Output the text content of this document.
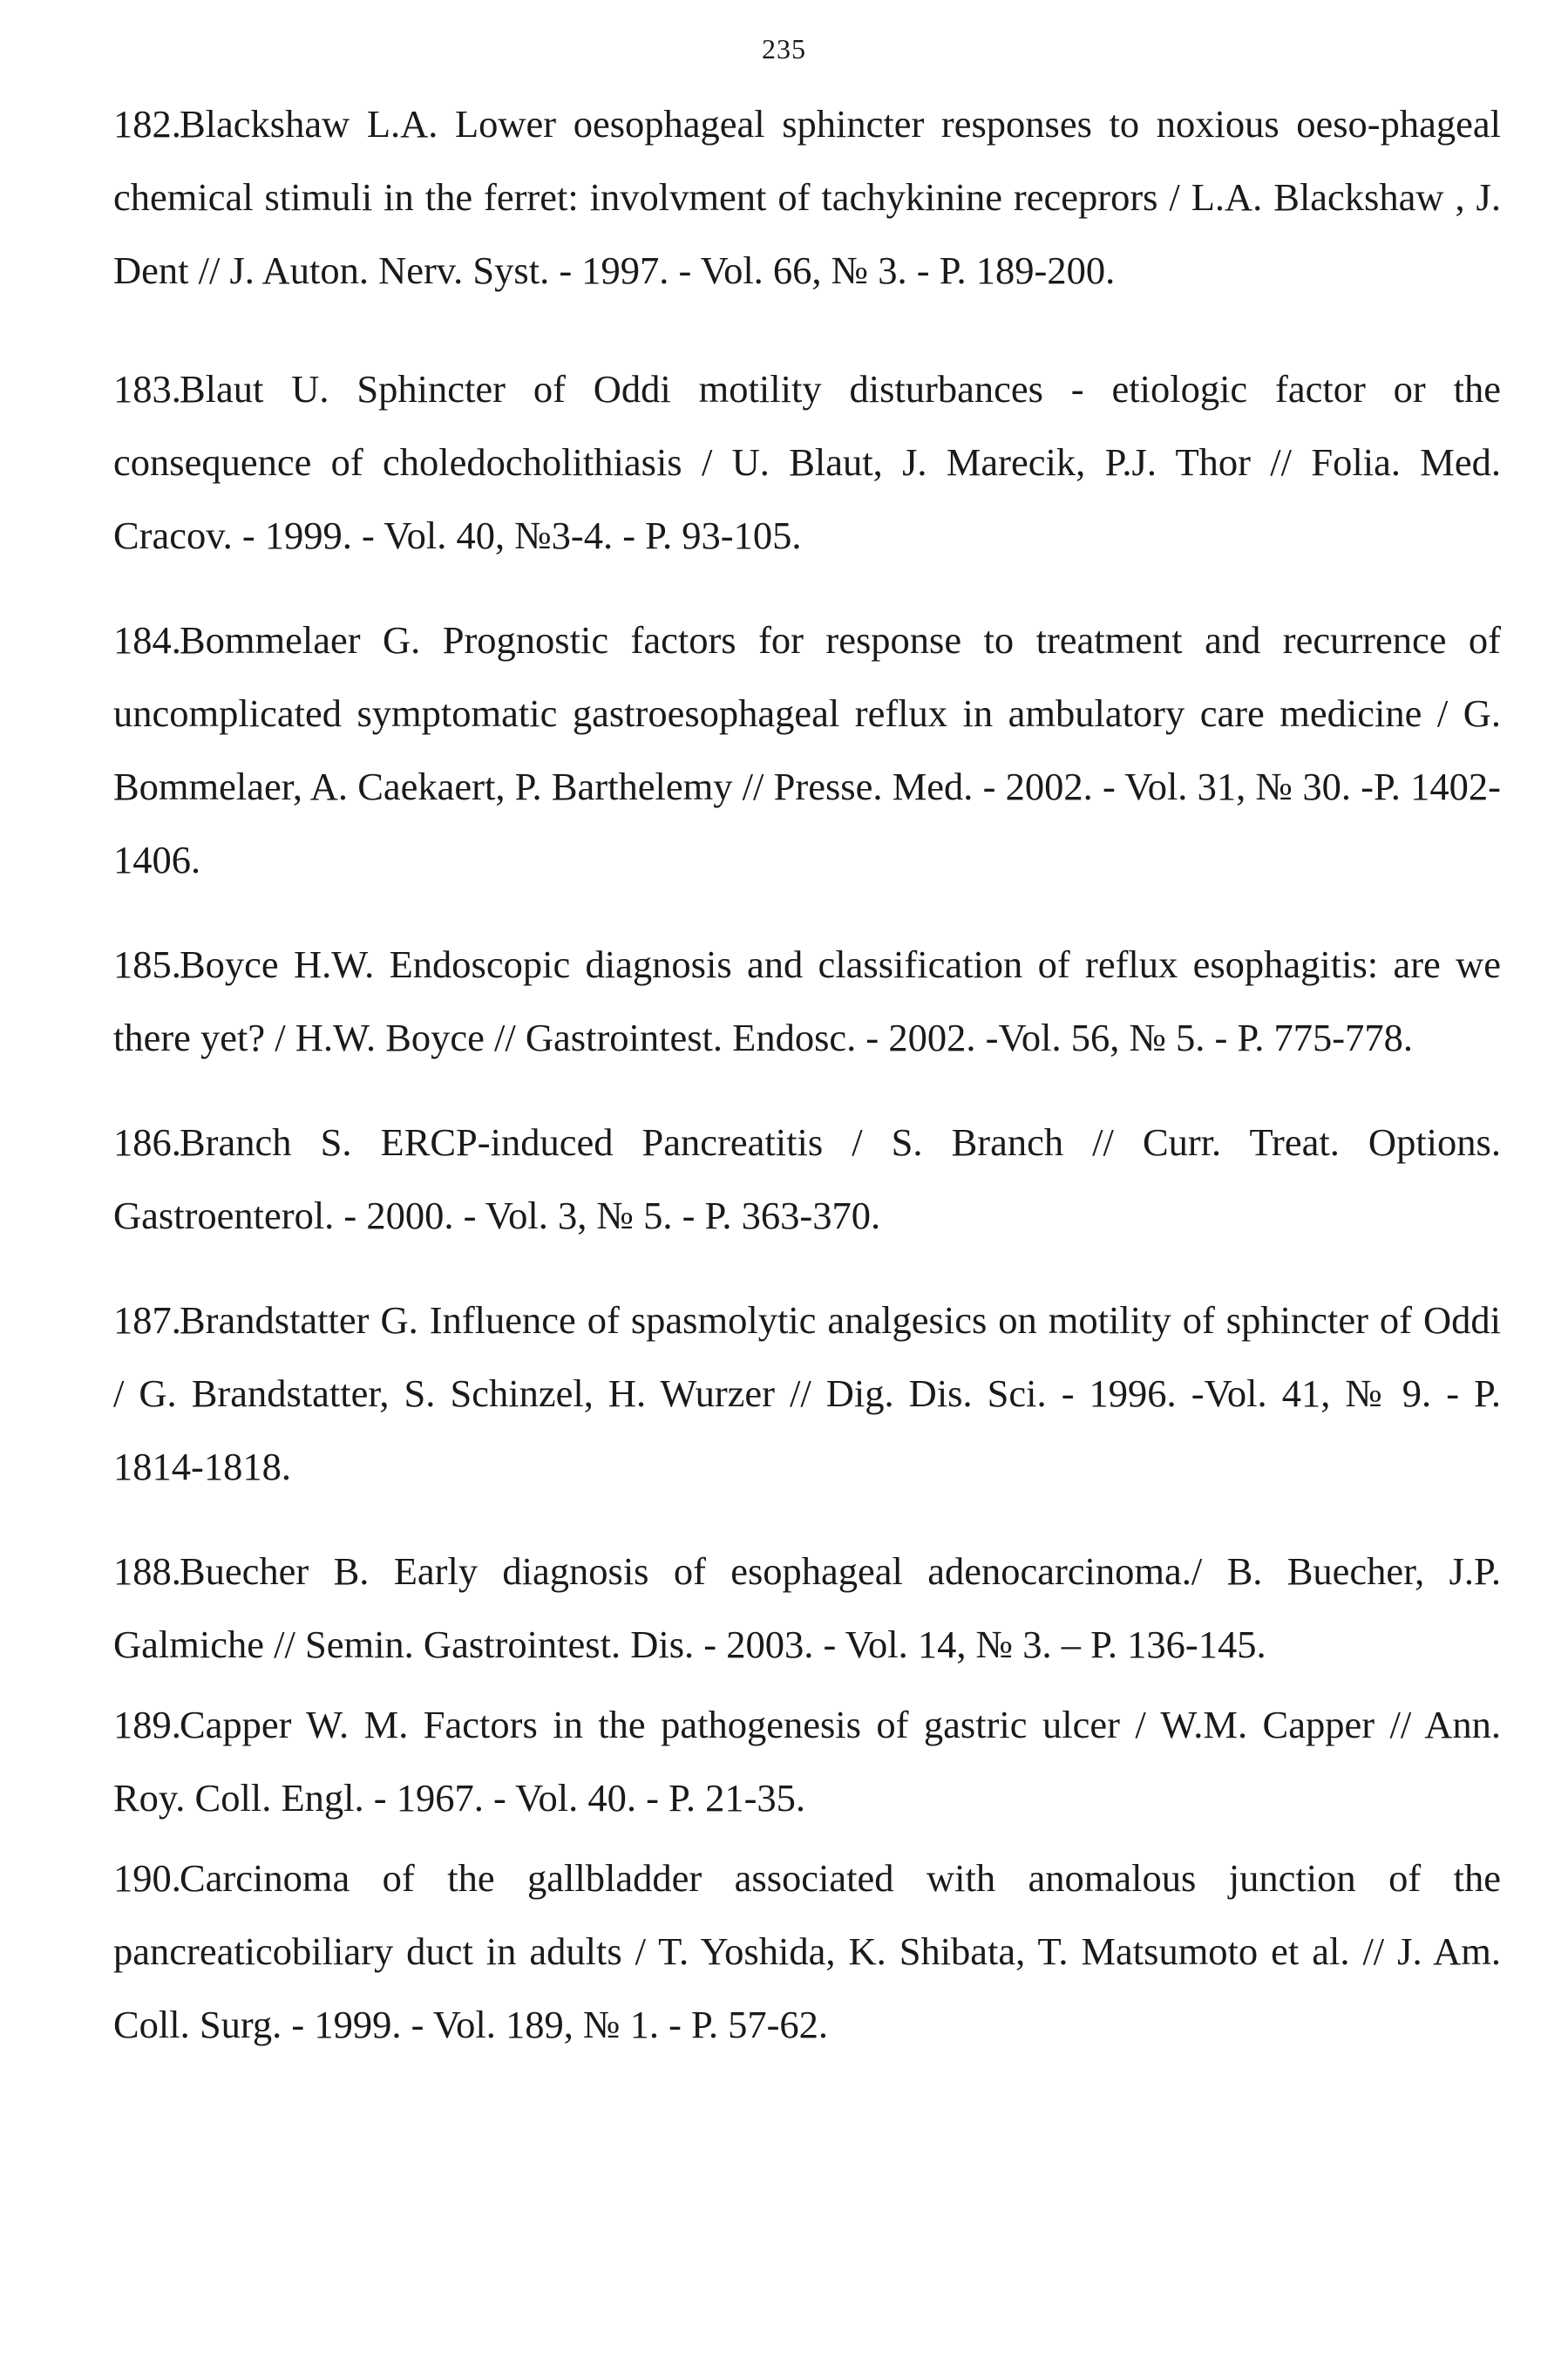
235
182.Blackshaw L.A. Lower oesophageal sphincter responses to noxious oeso-phageal chemical stimuli in the ferret: involvment of tachykinine receprors / L.A. Blackshaw , J. Dent // J. Auton. Nerv. Syst. - 1997. - Vol. 66, № 3. - P. 189-200.
183.Blaut U. Sphincter of Oddi motility disturbances - etiologic factor or the consequence of choledocholithiasis / U. Blaut, J. Marecik, P.J. Thor // Folia. Med. Cracov. - 1999. - Vol. 40, №3-4. - P. 93-105.
184.Bommelaer G. Prognostic factors for response to treatment and recurrence of uncomplicated symptomatic gastroesophageal reflux in ambulatory care medicine / G. Bommelaer, A. Caekaert, P. Barthelemy // Presse. Med. - 2002. - Vol. 31, № 30. -P. 1402-1406.
185.Boyce H.W. Endoscopic diagnosis and classification of reflux esophagitis: are we there yet? / H.W. Boyce // Gastrointest. Endosc. - 2002. -Vol. 56, № 5. - P. 775-778.
186.Branch S. ERCP-induced Pancreatitis / S. Branch // Curr. Treat. Options. Gastroenterol. - 2000. - Vol. 3, № 5. - P. 363-370.
187.Brandstatter G. Influence of spasmolytic analgesics on motility of sphincter of Oddi / G. Brandstatter, S. Schinzel, H. Wurzer // Dig. Dis. Sci. - 1996. -Vol. 41, № 9. - P. 1814-1818.
188.Buecher B. Early diagnosis of esophageal adenocarcinoma./ B. Buecher, J.P. Galmiche // Semin. Gastrointest. Dis. - 2003. - Vol. 14, № 3. – P. 136-145.
189.Capper W. M. Factors in the pathogenesis of gastric ulcer / W.M. Capper // Ann. Roy. Coll. Engl. - 1967. - Vol. 40. - P. 21-35.
190.Carcinoma of the gallbladder associated with anomalous junction of the pancreaticobiliary duct in adults / T. Yoshida, K. Shibata, T. Matsumoto et al. // J. Am. Coll. Surg. - 1999. - Vol. 189, № 1. - P. 57-62.
